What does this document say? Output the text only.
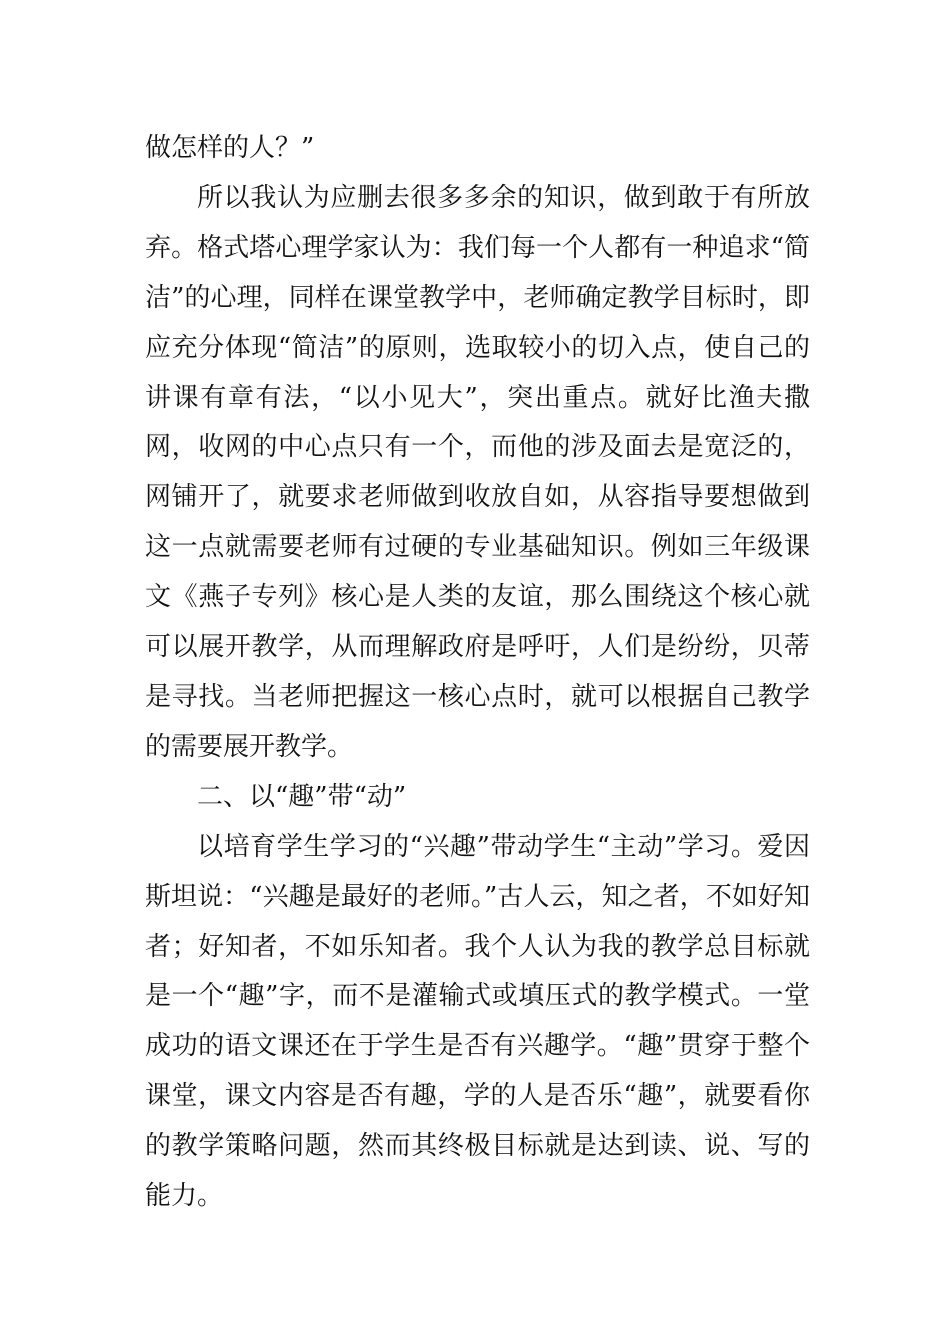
做怎样的人？”

所以我认为应删去很多多余的知识，做到敢于有所放弃。格式塔心理学家认为：我们每一个人都有一种追求“简洁”的心理，同样在课堂教学中，老师确定教学目标时，即应充分体现“简洁”的原则，选取较小的切入点，使自己的讲课有章有法，“以小见大”，突出重点。就好比渔夫撒网，收网的中心点只有一个，而他的涉及面去是宽泛的，网铺开了，就要求老师做到收放自如，从容指导要想做到这一点就需要老师有过硬的专业基础知识。例如三年级课文《燕子专列》核心是人类的友谊，那么围绕这个核心就可以展开教学，从而理解政府是呼吁，人们是纷纷，贝蒂是寻找。当老师把握这一核心点时，就可以根据自己教学的需要展开教学。

二、以“趣”带“动”

以培育学生学习的“兴趣”带动学生“主动”学习。爱因斯坦说：“兴趣是最好的老师。”古人云，知之者，不如好知者；好知者，不如乐知者。我个人认为我的教学总目标就是一个“趣”字，而不是灌输式或填压式的教学模式。一堂成功的语文课还在于学生是否有兴趣学。“趣”贯穿于整个课堂，课文内容是否有趣，学的人是否乐“趣”，就要看你的教学策略问题，然而其终极目标就是达到读、说、写的能力。
